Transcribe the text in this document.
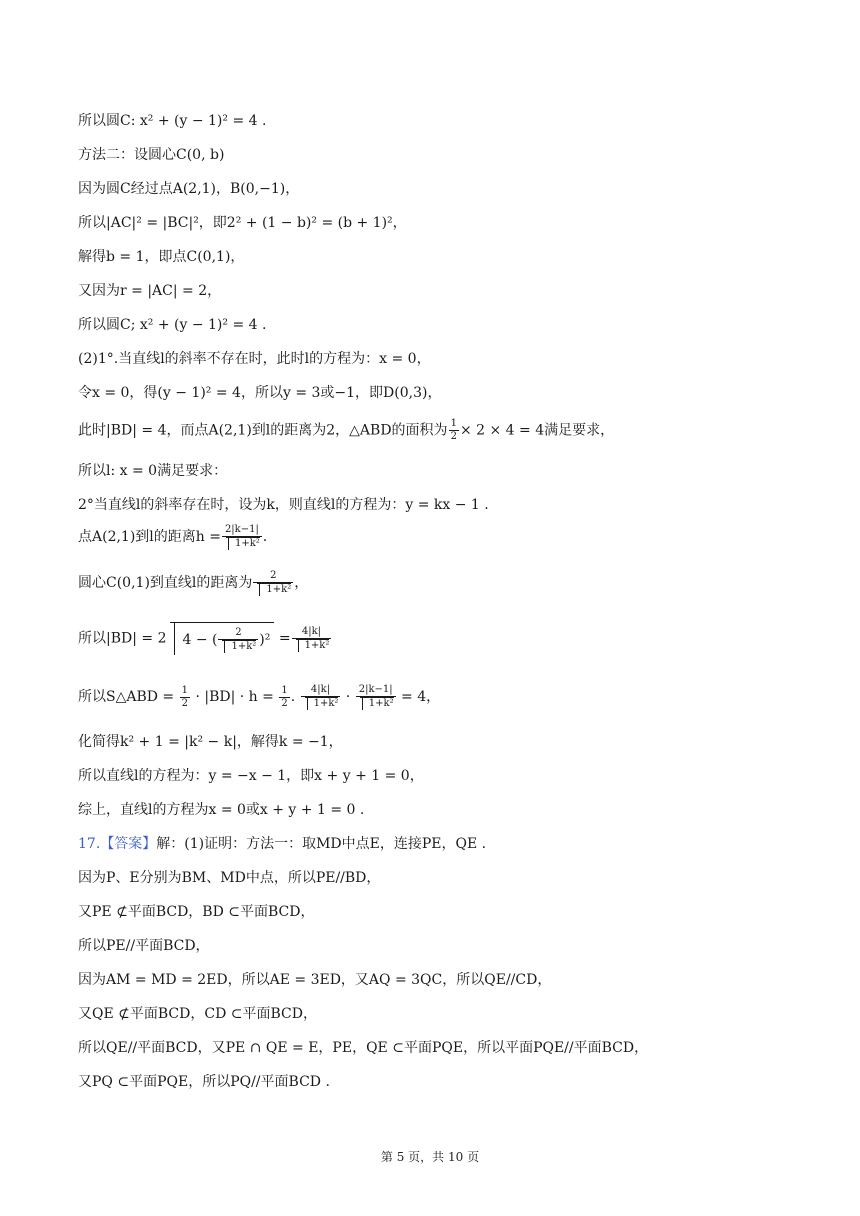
所以圆C: x² + (y − 1)² = 4 .
方法二：设圆心C(0, b)
因为圆C经过点A(2,1)，B(0,−1)，
所以|AC|² = |BC|²，即2² + (1 − b)² = (b + 1)²，
解得b = 1，即点C(0,1)，
又因为r = |AC| = 2，
所以圆C; x² + (y − 1)² = 4 .
(2)1°.当直线l的斜率不存在时，此时l的方程为：x = 0，
令x = 0，得(y − 1)² = 4，所以y = 3或−1，即D(0,3)，
此时|BD| = 4，而点A(2,1)到l的距离为2，△ABD的面积为 $\frac{1}{2} \times 2 \times 4 = 4$满足要求，
所以l: x = 0满足要求：
2°当直线l的斜率存在时，设为k，则直线l的方程为：y = kx − 1 .
点A(2,1)到l的距离$h = \frac{2|k-1|}{\text{1+k²}}$ .
圆心C(0,1)到直线l的距离为 $\frac{2}{\text{1+k²}}$ ，
所以|BD| = 2 4 − ( $\frac{2}{\text{1+k²}} )^2 = \frac{4|k|}{\text{1+k²}}$
所以S△ABD = $\frac{1}{2} \cdot |BD| \cdot h = \frac{1}{2}$ . $\frac{4|k|}{\text{1+k²}} \cdot \frac{2|k-1|}{\text{1+k²}} = 4$，
化简得k² + 1 = |k² − k|，解得k = −1，
所以直线l的方程为：y = −x − 1，即x + y + 1 = 0，
综上，直线l的方程为x = 0或x + y + 1 = 0 .
17.【答案】解：(1)证明：方法一：取MD中点E，连接PE，QE .
因为P、E分别为BM、MD中点，所以PE//BD，
又PE ⊄平面BCD，BD ⊂平面BCD，
所以PE//平面BCD，
因为AM = MD = 2ED，所以AE = 3ED，又AQ = 3QC，所以QE//CD，
又QE ⊄平面BCD，CD ⊂平面BCD，
所以QE//平面BCD，又PE ∩ QE = E，PE，QE ⊂平面PQE，所以平面PQE//平面BCD，
又PQ ⊂平面PQE，所以PQ//平面BCD .
第 5 页，共 10 页
